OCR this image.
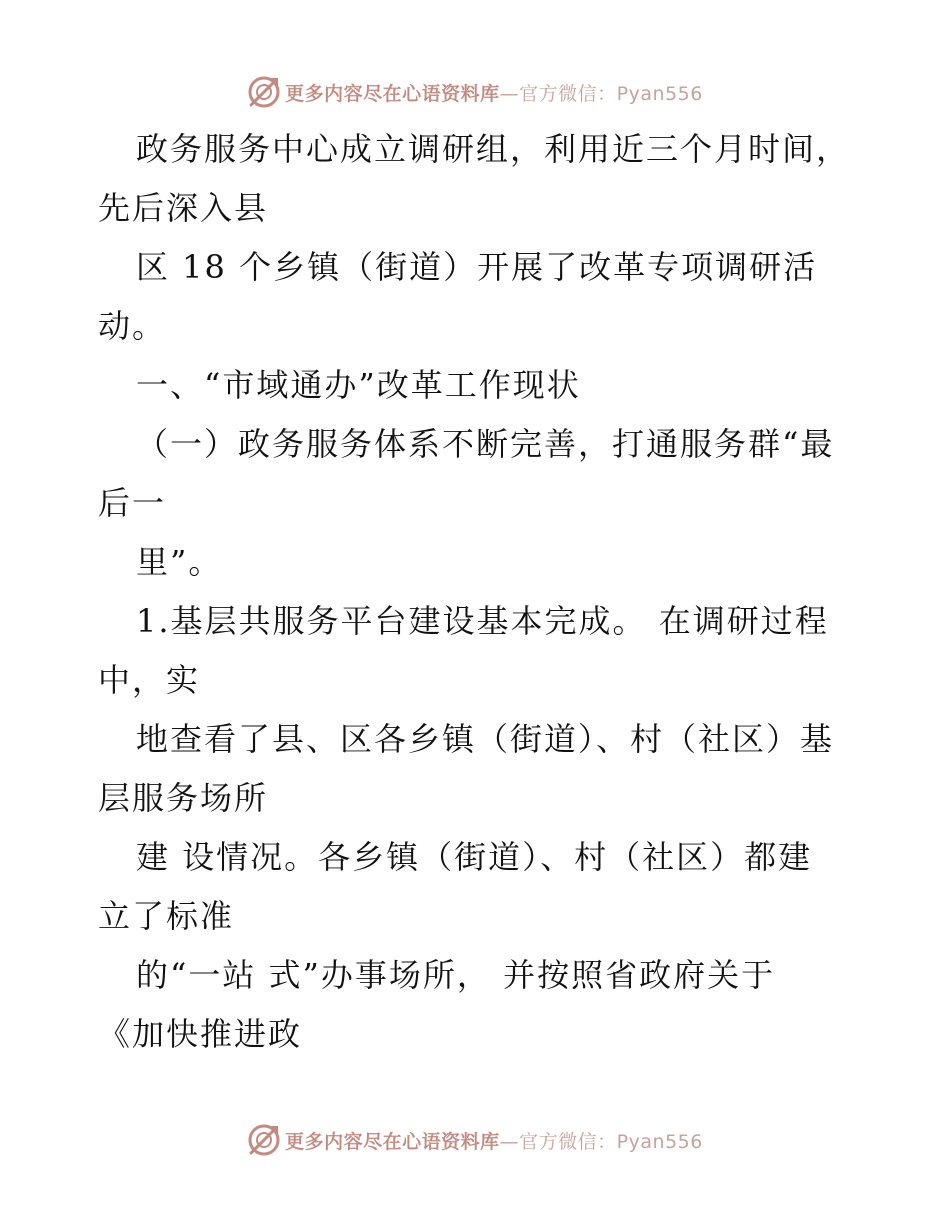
更多内容尽在心语资料库 —官方微信：Pyan556
政务服务中心成立调研组，利用近三个月时间，
先后深入县
区 18 个乡镇（街道）开展了改革专项调研活
动。
一、“市域通办”改革工作现状
（一）政务服务体系不断完善，打通服务群“最
后一
里”。
1.基层共服务平台建设基本完成。 在调研过程
中，实
地查看了县、区各乡镇（街道）、村（社区）基
层服务场所
建 设情况。各乡镇（街道）、村（社区）都建
立了标准
的“一站 式”办事场所， 并按照省政府关于
《加快推进政
更多内容尽在心语资料库 —官方微信：Pyan556
